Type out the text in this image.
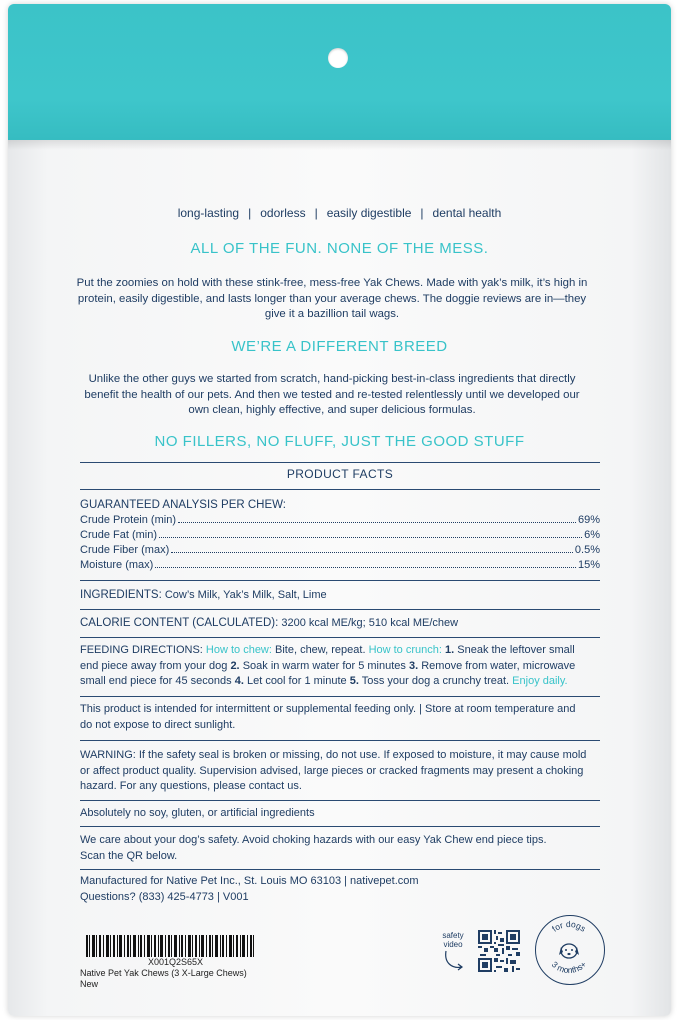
long-lasting | odorless | easily digestible | dental health
ALL OF THE FUN. NONE OF THE MESS.
Put the zoomies on hold with these stink-free, mess-free Yak Chews. Made with yak’s milk, it’s high in
protein, easily digestible, and lasts longer than your average chews. The doggie reviews are in—they
give it a bazillion tail wags.
WE’RE A DIFFERENT BREED
Unlike the other guys we started from scratch, hand-picking best-in-class ingredients that directly
benefit the health of our pets. And then we tested and re-tested relentlessly until we developed our
own clean, highly effective, and super delicious formulas.
NO FILLERS, NO FLUFF, JUST THE GOOD STUFF
PRODUCT FACTS
GUARANTEED ANALYSIS PER CHEW:
Crude Protein (min)	69%
Crude Fat (min)	6%
Crude Fiber (max)	0.5%
Moisture (max)	15%
INGREDIENTS: Cow’s Milk, Yak’s Milk, Salt, Lime
CALORIE CONTENT (CALCULATED): 3200 kcal ME/kg; 510 kcal ME/chew
FEEDING DIRECTIONS: How to chew: Bite, chew, repeat. How to crunch: 1. Sneak the leftover small
end piece away from your dog 2. Soak in warm water for 5 minutes 3. Remove from water, microwave
small end piece for 45 seconds 4. Let cool for 1 minute 5. Toss your dog a crunchy treat. Enjoy daily.
This product is intended for intermittent or supplemental feeding only. | Store at room temperature and
do not expose to direct sunlight.
WARNING: If the safety seal is broken or missing, do not use. If exposed to moisture, it may cause mold
or affect product quality. Supervision advised, large pieces or cracked fragments may present a choking
hazard. For any questions, please contact us.
Absolutely no soy, gluten, or artificial ingredients
We care about your dog’s safety. Avoid choking hazards with our easy Yak Chew end piece tips.
Scan the QR below.
Manufactured for Native Pet Inc., St. Louis MO 63103 | nativepet.com
Questions? (833) 425-4773 | V001
X001Q2S65X
Native Pet Yak Chews (3 X-Large Chews)
New
safety
video
for dogs
3 months+
